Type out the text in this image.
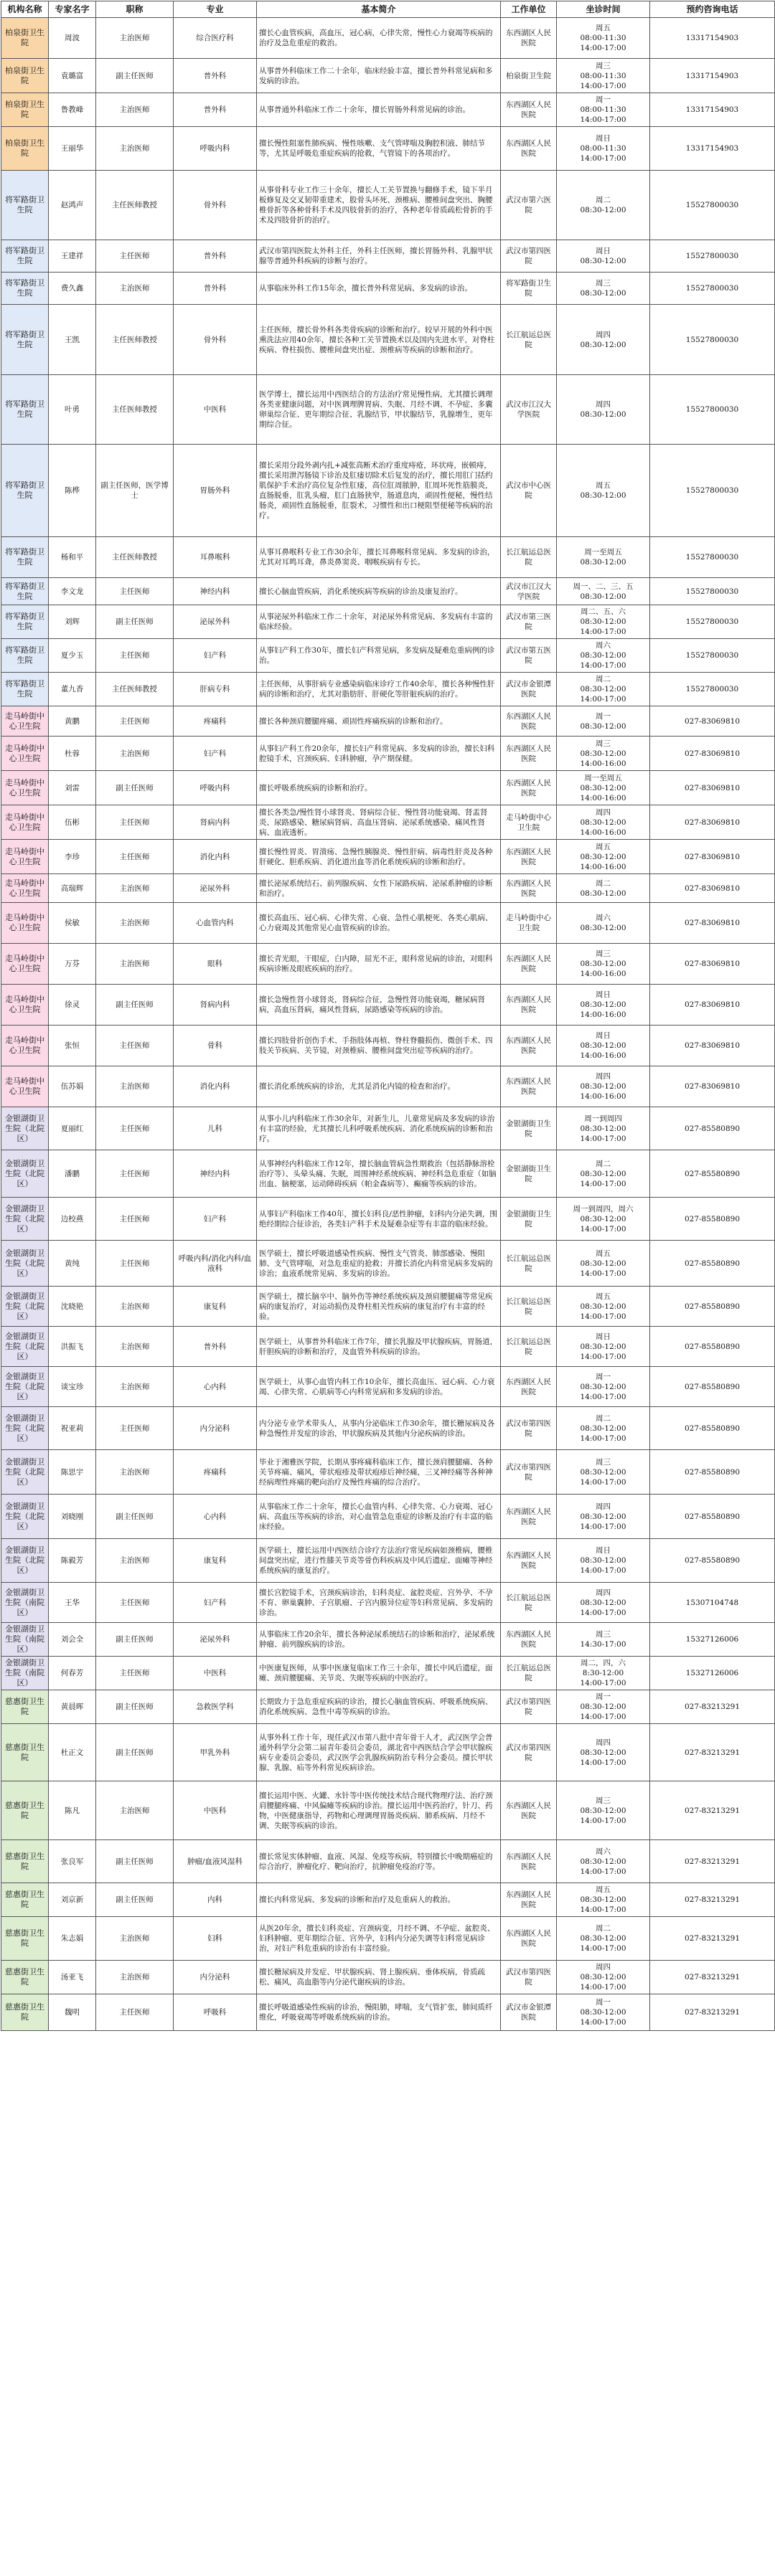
机构名称	专家名字	职称	专业	基本简介	工作单位	坐诊时间	预约咨询电话
柏泉街卫生院	周波	主治医师	综合医疗科	擅长心血管疾病，高血压，冠心病，心律失常，慢性心力衰竭等疾病的治疗及急危重症的救治。	东西湖区人民医院	周五
08:00-11:30
14:00-17:00	13317154903
柏泉街卫生院	袁璐富	副主任医师	普外科	从事普外科临床工作二十余年，临床经验丰富，擅长普外科常见病和多发病的诊治。	柏泉街卫生院	周三
08:00-11:30
14:00-17:00	13317154903
柏泉街卫生院	鲁教峰	主治医师	普外科	从事普通外科临床工作二十余年，擅长胃肠外科常见病的诊治。	东西湖区人民医院	周一
08:00-11:30
14:00-17:00	13317154903
柏泉街卫生院	王丽华	主治医师	呼吸内科	擅长慢性阻塞性肺疾病、慢性咳嗽、支气管哮喘及胸腔积液、肺结节等，尤其是呼吸危重症疾病的抢救，气管镜下的各项治疗。	东西湖区人民医院	周日
08:00-11:30
14:00-17:00	13317154903
将军路街卫生院	赵鸿声	主任医师教授	骨外科	从事骨科专业工作三十余年，擅长人工关节置换与翻修手术，镜下半月板修复及交叉韧带重建术，股骨头坏死、颈椎病、腰椎间盘突出、胸腰椎骨折等各种骨科手术及四肢骨折的治疗，各种老年骨质疏松骨折的手术及四肢骨折的治疗。	武汉市第六医院	周二
08:30-12:00	15527800030
将军路街卫生院	王建祥	主任医师	普外科	武汉市第四医院太外科主任，外科主任医师，擅长胃肠外科、乳腺甲状腺等普通外科疾病的诊断与治疗。	武汉市第四医院	周日
08:30-12:00	15527800030
将军路街卫生院	费久鑫	主治医师	普外科	从事临床外科工作15年余，擅长普外科常见病、多发病的诊治。	将军路街卫生院	周三
08:30-12:00	15527800030
将军路街卫生院	王凯	主任医师教授	骨外科	主任医师，擅长骨外科各类骨疾病的诊断和治疗。较早开展的外科中医熏洗法应用40余年，擅长各种工关节置换术以及国内先进水平，对脊柱疾病、脊柱损伤、腰椎间盘突出症、颈椎病等疾病的诊断和治疗。	长江航运总医院	周四
08:30-12:00	15527800030
将军路街卫生院	叶勇	主任医师教授	中医科	医学博士，擅长运用中西医结合的方法治疗常见慢性病，尤其擅长调理各类亚健康问题，对中医调理脾胃病、失眠、月经不调、不孕症、多囊卵巢综合征、更年期综合征、乳腺结节，甲状腺结节，乳腺增生，更年期综合征。	武汉市江汉大学医院	周四
08:30-12:00	15527800030
将军路街卫生院	陈桦	副主任医师，医学博士	胃肠外科	擅长采用分段外剥内扎+减张高断术治疗重度痔疮，环状痔，嵌顿痔，擅长采用泄泻肠镜下诊治及肛瘘切除术后复发的治疗，擅长用肛门括约肌保护手术治疗高位复杂性肛瘘，高位肛周脓肿，肛周坏死性筋膜炎，直肠脱垂，肛乳头瘤，肛门直肠狭窄，肠道息肉，顽固性便秘，慢性结肠炎，顽固性直肠脱垂，肛裂术，习惯性和出口梗阻型便秘等疾病的治疗。	武汉市中心医院	周五
08:30-12:00	15527800030
将军路街卫生院	杨和平	主任医师教授	耳鼻喉科	从事耳鼻喉科专业工作30余年，擅长耳鼻喉科常见病、多发病的诊治，尤其对耳鸣耳聋，鼻炎鼻窦炎、咽喉疾病有专长。	长江航运总医院	周一至周五
08:30-12:00	15527800030
将军路街卫生院	李文龙	主任医师	神经内科	擅长心脑血管疾病，消化系统疾病等疾病的诊治及康复治疗。	武汉市江汉大学医院	周一、二、三、五
08:30-12:00	15527800030
将军路街卫生院	刘辉	副主任医师	泌尿外科	从事泌尿外科临床工作二十余年，对泌尿外科常见病、多发病有丰富的临床经验。	武汉市第三医院	周二、五、六
08:30-12:00
14:00-17:00	15527800030
将军路街卫生院	夏少玉	主任医师	妇产科	从事妇产科工作30年，擅长妇产科常见病，多发病及疑难危重病例的诊治。	武汉市第五医院	周六
08:30-12:00
14:00-17:00	15527800030
将军路街卫生院	董九香	主任医师教授	肝病专科	主任医师，从事肝病专业感染病临床诊疗工作40余年，擅长各种慢性肝病的诊断和治疗，尤其对脂肪肝、肝硬化等肝脏疾病的治疗。	武汉市金银潭医院	周二
08:30-12:00
14:00-17:00	15527800030
走马岭街中心卫生院	黄鹏	主任医师	疼痛科	擅长各种颈肩腰腿疼痛、顽固性疼痛疾病的诊断和治疗。	东西湖区人民医院	周一
08:30-12:00	027-83069810
走马岭街中心卫生院	杜蓉	主治医师	妇产科	从事妇产科工作20余年，擅长妇产科常见病、多发病的诊治，擅长妇科腔镜手术，宫颈疾病、妇科肿瘤，孕产期保健。	东西湖区人民医院	周三
08:30-12:00
14:00-16:00	027-83069810
走马岭街中心卫生院	刘雷	副主任医师	呼吸内科	擅长呼吸系统疾病的诊断和治疗。	东西湖区人民医院	周一至周五
08:30-12:00
14:00-16:00	027-83069810
走马岭街中心卫生院	伍彬	主任医师	肾病内科	擅长各类急/慢性肾小球肾炎、肾病综合征、慢性肾功能衰竭、肾盂肾炎、尿路感染、糖尿病肾病、高血压肾病、泌尿系统感染、痛风性肾病、血液透析。	走马岭街中心卫生院	周四
08:30-12:00
14:00-16:00	027-83069810
走马岭街中心卫生院	李珍	主任医师	消化内科	擅长慢性胃炎、胃溃疡、急慢性胰腺炎、慢性肝病、病毒性肝炎及各种肝硬化、胆系疾病、消化道出血等消化系统疾病的诊断和治疗。	东西湖区人民医院	周五
08:30-12:00
14:00-16:00	027-83069810
走马岭街中心卫生院	高瑞辉	主治医师	泌尿外科	擅长泌尿系统结石、前列腺疾病、女性下尿路疾病、泌尿系肿瘤的诊断和治疗。	东西湖区人民医院	周二
08:30-12:00	027-83069810
走马岭街中心卫生院	侯敏	主治医师	心血管内科	擅长高血压、冠心病、心律失常、心衰、急性心肌梗死、各类心肌病、心力衰竭及其他常见心血管疾病的诊治。	走马岭街中心卫生院	周六
08:30-12:00	027-83069810
走马岭街中心卫生院	万芬	主治医师	眼科	擅长青光眼，干眼症，白内障，屈光不正，眼科常见病的诊治，对眼科疾病诊断及眼底疾病的治疗。	东西湖区人民医院	周三
08:30-12:00
14:00-16:00	027-83069810
走马岭街中心卫生院	徐灵	副主任医师	肾病内科	擅长急慢性肾小球肾炎，肾病综合征，急慢性肾功能衰竭，糖尿病肾病，高血压肾病，痛风性肾病，尿路感染等疾病的诊治。	东西湖区人民医院	周日
08:30-12:00
14:00-16:00	027-83069810
走马岭街中心卫生院	张恒	主任医师	骨科	擅长四肢骨折创伤手术、手指肢体再植、脊柱脊髓损伤、微创手术、四肢关节疾病、关节镜，对颈椎病、腰椎间盘突出症等疾病的治疗。	东西湖区人民医院	周日
08:30-12:00
14:00-16:00	027-83069810
走马岭街中心卫生院	伍苏娟	主治医师	消化内科	擅长消化系统疾病的诊治，尤其是消化内镜的检查和治疗。	东西湖区人民医院	周四
08:30-12:00
14:00-16:00	027-83069810
金银湖街卫生院（北院区）	夏丽红	主任医师	儿科	从事小儿内科临床工作30余年，对新生儿，儿童常见病及多发病的诊治有丰富的经验，尤其擅长儿科呼吸系统疾病、消化系统疾病的诊断和治疗。	金银湖街卫生院	周一到周四
08:30-12:00
14:00-17:00	027-85580890
金银湖街卫生院（北院区）	潘鹏	主任医师	神经内科	从事神经内科临床工作12年，擅长脑血管病急性期救治（包括静脉溶栓治疗等）、头晕头痛、失眠，周围神经系统疾病、神经科急危重症（如脑出血、脑梗塞，运动障碍疾病（帕金森病等）、癫痫等疾病的诊治。	金银湖街卫生院	周二
08:30-12:00
14:00-17:00	027-85580890
金银湖街卫生院（北院区）	边校燕	主任医师	妇产科	从事妇产科临床工作40年，擅长妇科良/恶性肿瘤，妇科内分泌失调，围绝经期综合征诊治，各类妇产科手术及疑难杂症等有丰富的临床经验。	金银湖街卫生院	周一到周四，周六
08:30-12:00
14:00-17:00	027-85580890
金银湖街卫生院（北院区）	黄纯	主任医师	呼吸内科/消化内科/血液科	医学硕士，擅长呼吸道感染性疾病、慢性支气管炎、肺部感染、慢阻肺、支气管哮喘，对急危重症的抢救；并擅长消化内科常见病多发病的诊治；血液系统常见病、多发病的诊治。	长江航运总医院	周五
08:30-12:00
14:00-17:00	027-85580890
金银湖街卫生院（北院区）	沈晓艳	主治医师	康复科	医学硕士，擅长脑卒中、脑外伤等神经系统疾病及颈肩腰腿痛等常见疾病的康复治疗，对运动损伤及脊柱相关性疾病的康复治疗有丰富的经验。	长江航运总医院	周五
08:30-12:00
14:00-17:00	027-85580890
金银湖街卫生院（北院区）	洪振飞	主治医师	普外科	医学硕士，从事普外科临床工作7年，擅长乳腺及甲状腺疾病，胃肠道，肝胆疾病的诊断和治疗，及血管外科疾病的诊治。	长江航运总医院	周日
08:30-12:00
14:00-17:00	027-85580890
金银湖街卫生院（北院区）	谈宝珍	主治医师	心内科	医学硕士，从事心血管内科工作10余年，擅长高血压、冠心病、心力衰竭、心律失常、心肌病等心内科常见病和多发病的诊治。	东西湖区人民医院	周一
08:30-12:00
14:00-17:00	027-85580890
金银湖街卫生院（北院区）	祝亚莉	主任医师	内分泌科	内分泌专业学术带头人，从事内分泌临床工作30余年，擅长糖尿病及各种急慢性并发症的诊治，甲状腺疾病及其他内分泌疾病的诊治。	武汉市第四医院	周二
08:30-12:00
14:00-17:00	027-85580890
金银湖街卫生院（北院区）	陈思宇	主治医师	疼痛科	毕业于湘雅医学院，长期从事疼痛科临床工作，擅长颈肩腰腿痛、各种关节疼痛、痛风，带状疱疹及带状疱疹后神经痛，三叉神经痛等各种神经病理性疼痛的靶向治疗及慢性疼痛的综合治疗。	武汉市第四医院	周三
08:30-12:00
14:00-17:00	027-85580890
金银湖街卫生院（北院区）	刘晓刚	副主任医师	心内科	从事临床工作二十余年，擅长心血管内科、心律失常、心力衰竭、冠心病、高血压等疾病的诊治，对心血管急危重症的诊断及治疗有丰富的临床经验。	东西湖区人民医院	周四
08:30-12:00
14:00-17:00	027-85580890
金银湖街卫生院（北院区）	陈毅芳	主治医师	康复科	医学硕士，擅长运用中西医结合诊疗方法治疗常见疾病如颈椎病，腰椎间盘突出症，进行性膝关节炎等骨伤科疾病及中风后遗症、面瘫等神经系统疾病的康复治疗。	东西湖区人民医院	周日
08:30-12:00
14:00-17:00	027-85580890
金银湖街卫生院（南院区）	王华	主任医师	妇产科	擅长宫腔镜手术，宫颈疾病诊治，妇科炎症、盆腔炎症、宫外孕、不孕不育、卵巢囊肿、子宫肌瘤、子宫内膜异位症等妇科常见病、多发病的诊治。	长江航运总医院	周四
08:30-12:00
14:00-17:00	15307104748
金银湖街卫生院（南院区）	刘会全	副主任医师	泌尿外科	从事临床工作20余年，擅长各种泌尿系统结石的诊断和治疗，泌尿系统肿瘤、前列腺疾病的诊治。	东西湖区人民医院	周三
14:30-17:00	15327126006
金银湖街卫生院（南院区）	何春芳	主任医师	中医科	中医康复医师，从事中医康复临床工作三十余年，擅长中风后遗症，面瘫、颈肩腰腿痛、关节炎、失眠等疾病的中医治疗。	长江航运总医院	周二，四，六
8:30-12:00
14:00-17:00	15327126006
慈惠街卫生院	黄晨晖	副主任医师	急救医学科	长期致力于急危重症疾病的诊治，擅长心脑血管疾病、呼吸系统疾病、消化系统疾病、急性中毒等疾病的诊治。	武汉市第四医院	周一
08:30-12:00
14:00-17:00	027-83213291
慈惠街卫生院	杜正文	副主任医师	甲乳外科	从事外科工作十年，现任武汉市第八批中青年骨干人才，武汉医学会普通外科学分会第二届青年委员会委员，湖北省中西医结合学会甲状腺疾病专业委员会委员，武汉医学会乳腺疾病防治专科分会委员。擅长甲状腺、乳腺、疝等外科常见疾病诊治。	武汉市第四医院	周四
08:30-12:00
14:00-17:00	027-83213291
慈惠街卫生院	陈凡	主治医师	中医科	擅长运用中医、火罐、水针等中医传统技术结合现代物理疗法、治疗颈肩腰腿疼痛、中风偏瘫等疾病的诊治。擅长运用中医药治疗，针刀、药物，中医健康指导，药物和心理调理胃肠炎疾病、肺系疾病、月经不调、失眠等疾病的诊治。	东西湖区人民医院	周三
08:30-12:00
14:00-17:00	027-83213291
慈惠街卫生院	张良军	副主任医师	肿瘤/血液风湿科	擅长常见实体肿瘤、血液、风湿、免疫等疾病，特别擅长中晚期癌症的综合治疗，肿瘤化疗、靶向治疗，抗肿瘤免疫治疗等。	东西湖区人民医院	周六
08:30-12:00
14:00-17:00	027-83213291
慈惠街卫生院	刘京新	副主任医师	内科	擅长内科常见病、多发病的诊断和治疗及危重病人的救治。	东西湖区人民医院	周五
08:30-12:00
14:00-17:00	027-83213291
慈惠街卫生院	朱志娟	主治医师	妇科	从医20年余，擅长妇科炎症、宫颈病变，月经不调、不孕症、盆腔炎、妇科肿瘤、更年期综合征、宫外孕，妇科内分泌失调等妇科常见病诊治，对妇产科危重病的诊治有丰富经验。	东西湖区人民医院	周二
08:30-12:00
14:00-17:00	027-83213291
慈惠街卫生院	汤亚飞	主治医师	内分泌科	擅长糖尿病及并发症、甲状腺疾病、肾上腺疾病、垂体疾病，骨质疏松、痛风，高血脂等内分泌代谢疾病的诊治。	武汉市第四医院	周四
08:30-12:00
14:00-17:00	027-83213291
慈惠街卫生院	魏明	主任医师	呼吸科	擅长呼吸道感染性疾病的诊治，慢阻肺，哮喘，支气管扩张，肺间质纤维化，呼吸衰竭等呼吸系统疾病的诊治。	武汉市金银潭医院	周一
08:30-12:00
14:00-17:00	027-83213291
